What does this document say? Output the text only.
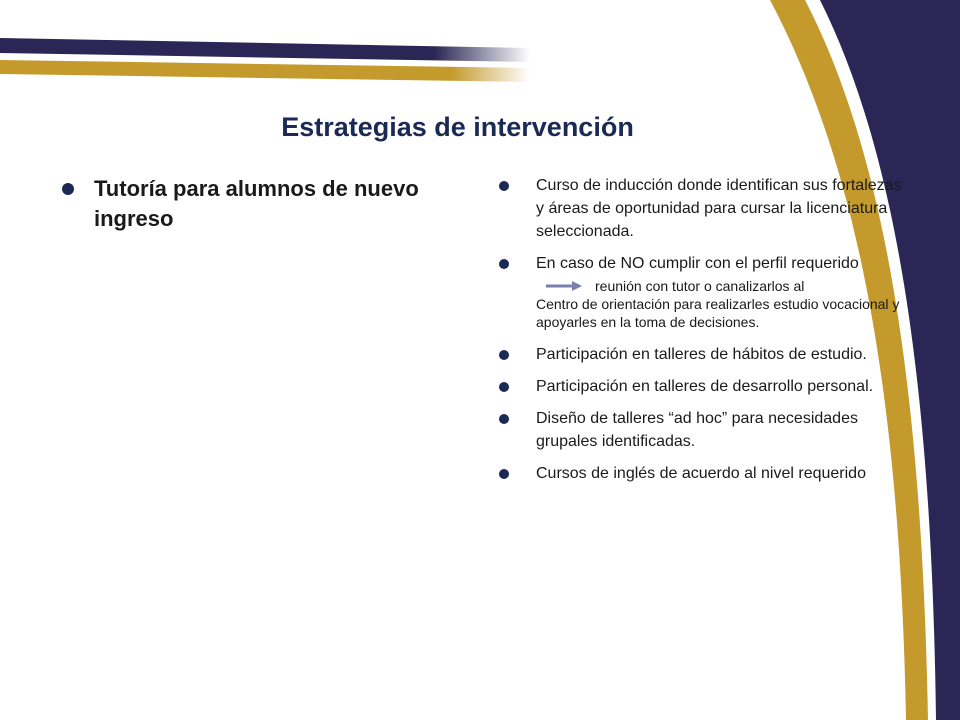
Estrategias de intervención
Tutoría para alumnos de nuevo ingreso
Curso de inducción donde identifican sus fortalezas y áreas de oportunidad para cursar la licenciatura seleccionada.
En caso de NO cumplir con el perfil requerido
reunión con tutor o canalizarlos al
Centro de orientación para realizarles estudio vocacional y apoyarles en la toma de decisiones.
Participación en talleres de hábitos de estudio.
Participación en talleres de desarrollo personal.
Diseño de talleres “ad hoc” para necesidades grupales identificadas.
Cursos de inglés de acuerdo al nivel requerido
